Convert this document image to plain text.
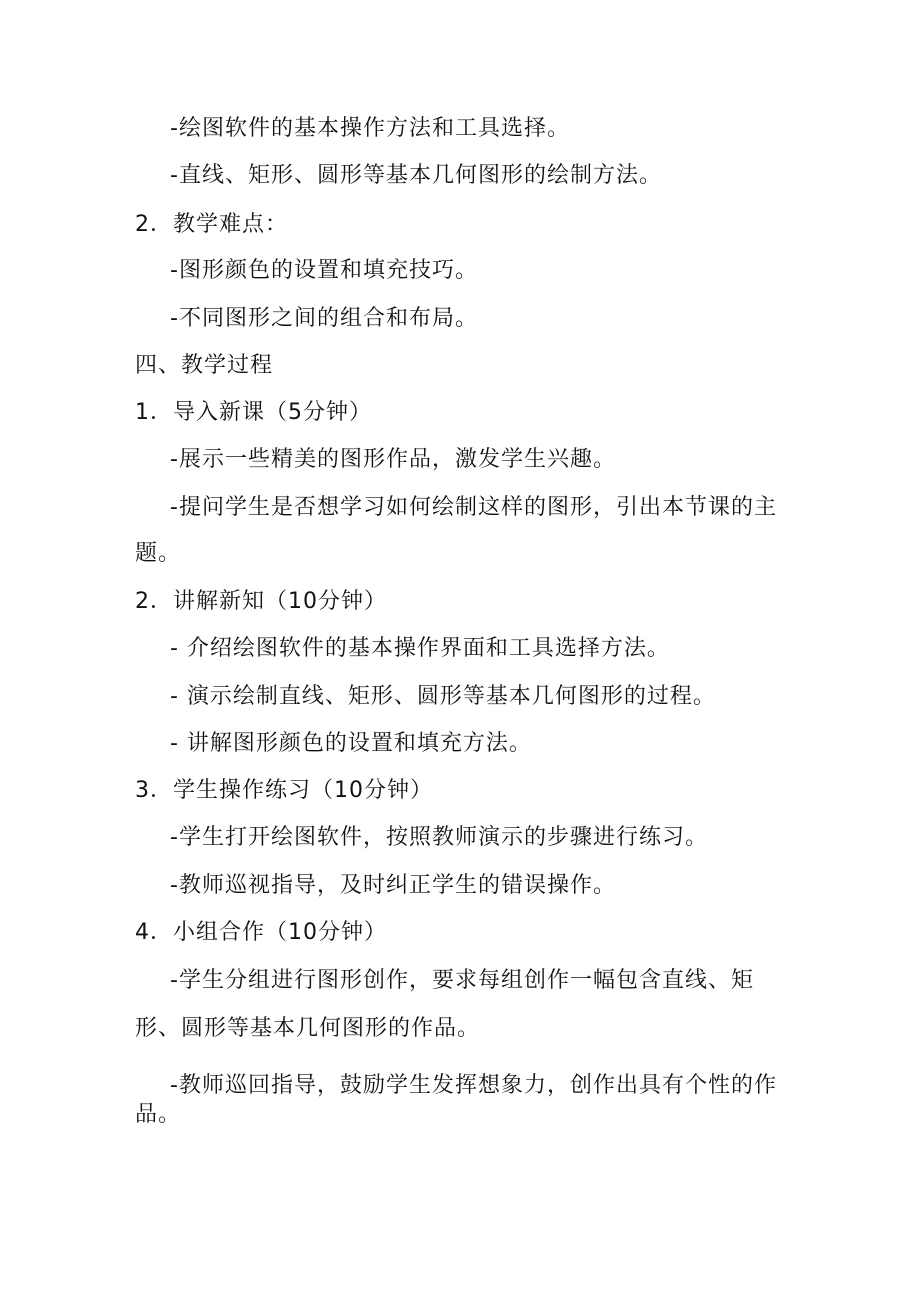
-绘图软件的基本操作方法和工具选择。
-直线、矩形、圆形等基本几何图形的绘制方法。
2．教学难点：
-图形颜色的设置和填充技巧。
-不同图形之间的组合和布局。
四、教学过程
1．导入新课（5分钟）
-展示一些精美的图形作品，激发学生兴趣。
-提问学生是否想学习如何绘制这样的图形，引出本节课的主
题。
2．讲解新知（10分钟）
- 介绍绘图软件的基本操作界面和工具选择方法。
- 演示绘制直线、矩形、圆形等基本几何图形的过程。
- 讲解图形颜色的设置和填充方法。
3．学生操作练习（10分钟）
-学生打开绘图软件，按照教师演示的步骤进行练习。
-教师巡视指导，及时纠正学生的错误操作。
4．小组合作（10分钟）
-学生分组进行图形创作，要求每组创作一幅包含直线、矩
形、圆形等基本几何图形的作品。
-教师巡回指导，鼓励学生发挥想象力，创作出具有个性的作
品。
